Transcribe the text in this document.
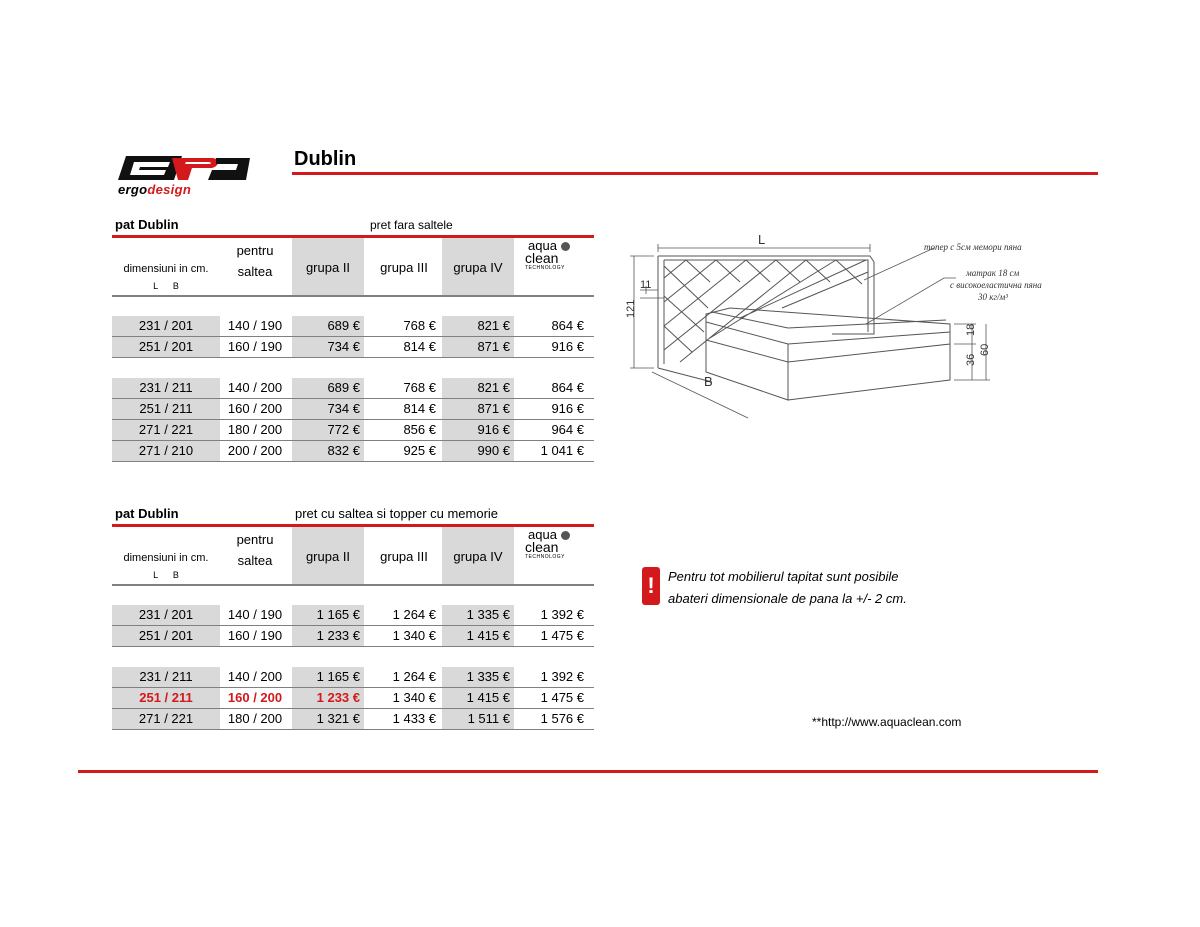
ergodesign
Dublin
pat Dublin	pret fara saltele
dimensiuni in cm.
L      B
pentru
saltea	grupa II	grupa III	grupa IV
aqua
clean
TECHNOLOGY
231 / 201	140 / 190	689 €	768 €	821 €	864 €
251 / 201	160 / 190	734 €	814 €	871 €	916 €
231 / 211	140 / 200	689 €	768 €	821 €	864 €
251 / 211	160 / 200	734 €	814 €	871 €	916 €
271 / 221	180 / 200	772 €	856 €	916 €	964 €
271 / 210	200 / 200	832 €	925 €	990 €	1 041 €
pat Dublin	pret cu saltea si topper cu memorie
dimensiuni in cm.
L      B
pentru
saltea	grupa II	grupa III	grupa IV
aqua
clean
TECHNOLOGY
231 / 201	140 / 190	1 165 €	1 264 €	1 335 €	1 392 €
251 / 201	160 / 190	1 233 €	1 340 €	1 415 €	1 475 €
231 / 211	140 / 200	1 165 €	1 264 €	1 335 €	1 392 €
251 / 211	160 / 200	1 233 €	1 340 €	1 415 €	1 475 €
271 / 221	180 / 200	1 321 €	1 433 €	1 511 €	1 576 €
L
B
121
11
18
36
60
топер с 5см мемори пяна
матрак 18 см
с високоеластична пяна
30 кг/м³
!	Pentru tot mobilierul tapitat sunt posibile
abateri dimensionale de pana la +/- 2 cm.
**http://www.aquaclean.com
